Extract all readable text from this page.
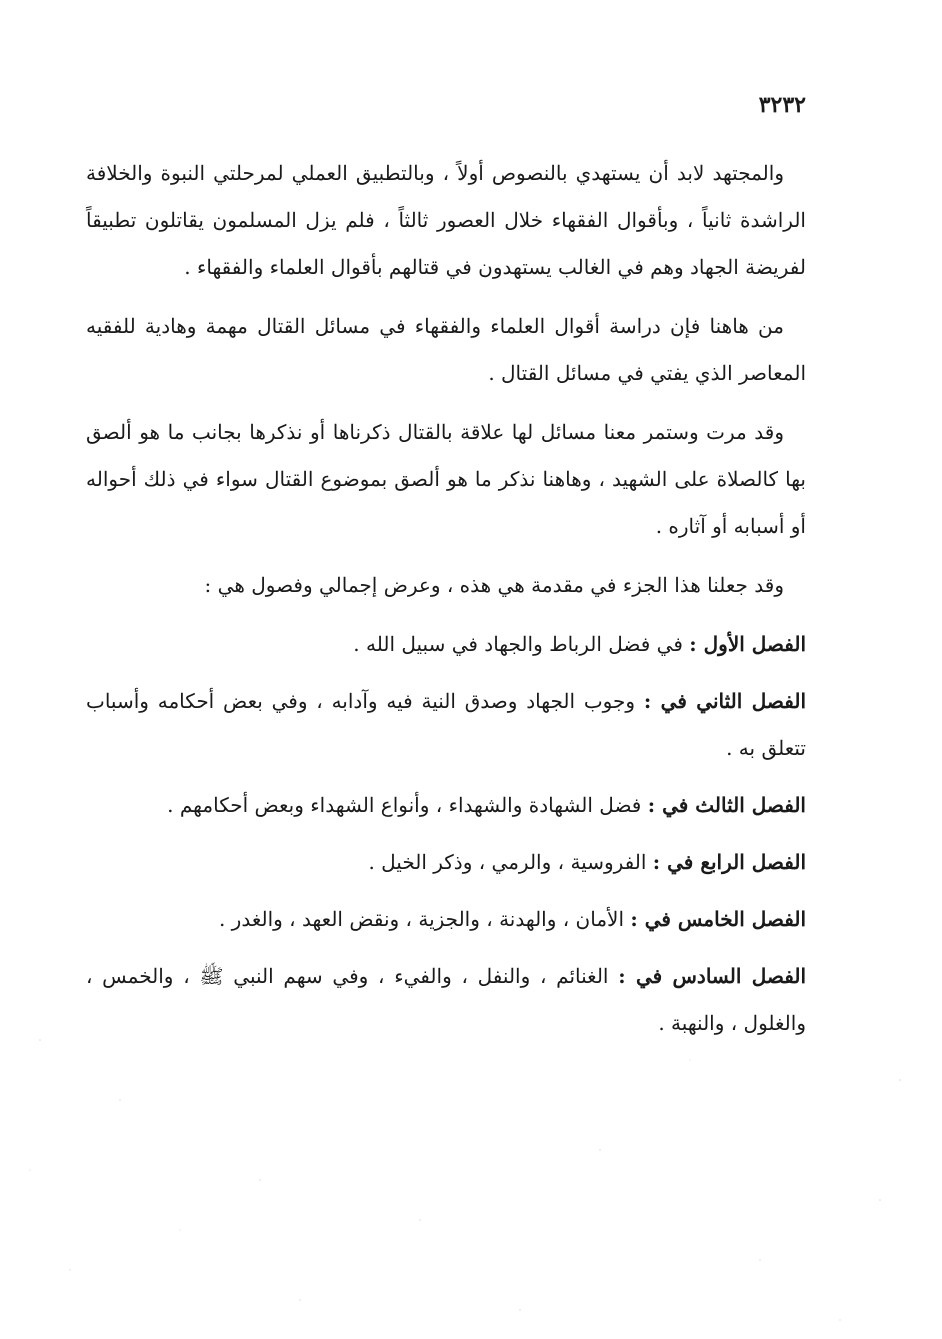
٣٢٣٢

والمجتهد لابد أن يستهدي بالنصوص أولاً ، وبالتطبيق العملي لمرحلتي النبوة والخلافة الراشدة ثانياً ، وبأقوال الفقهاء خلال العصور ثالثاً ، فلم يزل المسلمون يقاتلون تطبيقاً لفريضة الجهاد وهم في الغالب يستهدون في قتالهم بأقوال العلماء والفقهاء .

من هاهنا فإن دراسة أقوال العلماء والفقهاء في مسائل القتال مهمة وهادية للفقيه المعاصر الذي يفتي في مسائل القتال .

وقد مرت وستمر معنا مسائل لها علاقة بالقتال ذكرناها أو نذكرها بجانب ما هو ألصق بها كالصلاة على الشهيد ، وهاهنا نذكر ما هو ألصق بموضوع القتال سواء في ذلك أحواله أو أسبابه أو آثاره .

وقد جعلنا هذا الجزء في مقدمة هي هذه ، وعرض إجمالي وفصول هي :

الفصل الأول : في فضل الرباط والجهاد في سبيل الله .

الفصل الثاني في : وجوب الجهاد وصدق النية فيه وآدابه ، وفي بعض أحكامه وأسباب تتعلق به .

الفصل الثالث في : فضل الشهادة والشهداء ، وأنواع الشهداء وبعض أحكامهم .

الفصل الرابع في : الفروسية ، والرمي ، وذكر الخيل .

الفصل الخامس في : الأمان ، والهدنة ، والجزية ، ونقض العهد ، والغدر .

الفصل السادس في : الغنائم ، والنفل ، والفيء ، وفي سهم النبي ﷺ ، والخمس ، والغلول ، والنهبة .
